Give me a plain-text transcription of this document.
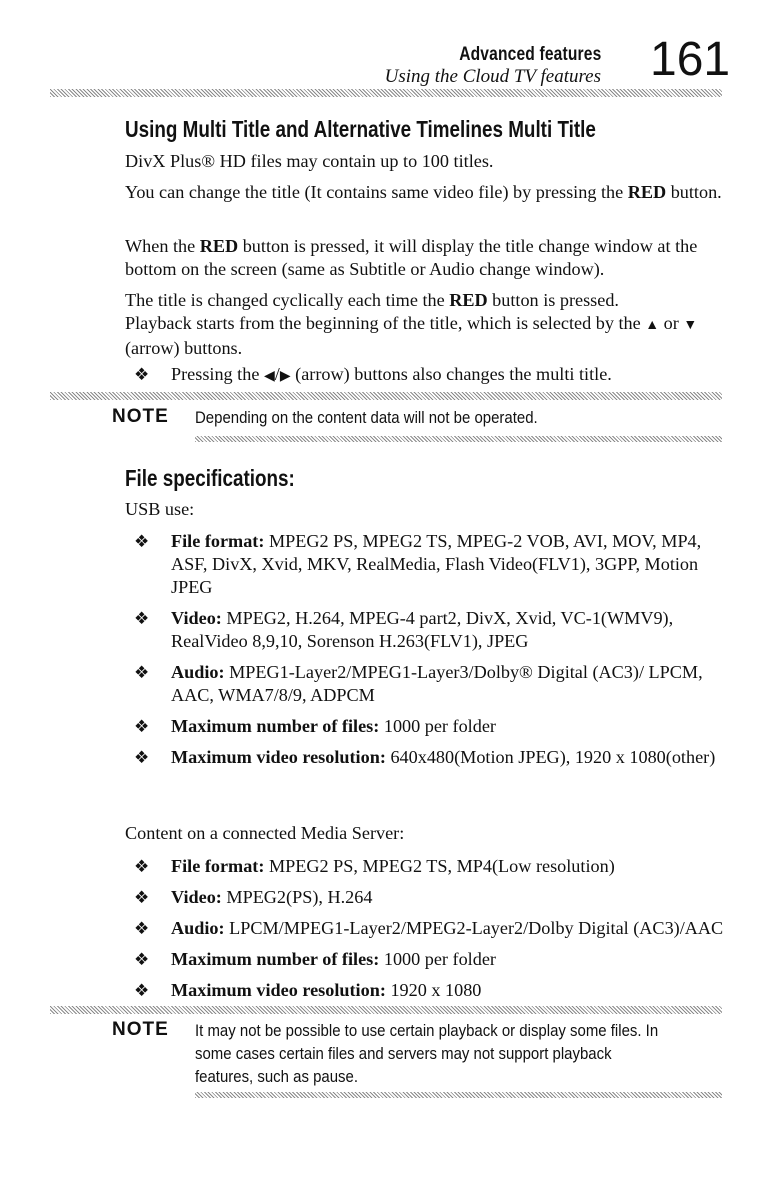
Advanced features
Using the Cloud TV features 161
Using Multi Title and Alternative Timelines Multi Title
DivX Plus® HD files may contain up to 100 titles.
You can change the title (It contains same video file) by pressing the RED button.
When the RED button is pressed, it will display the title change window at the bottom on the screen (same as Subtitle or Audio change window).
The title is changed cyclically each time the RED button is pressed.
Playback starts from the beginning of the title, which is selected by the ▲ or ▼ (arrow) buttons.
❖ Pressing the ◀/▶ (arrow) buttons also changes the multi title.
NOTE Depending on the content data will not be operated.
File specifications:
USB use:
❖ File format: MPEG2 PS, MPEG2 TS, MPEG-2 VOB, AVI, MOV, MP4, ASF, DivX, Xvid, MKV, RealMedia, Flash Video(FLV1), 3GPP, Motion JPEG
❖ Video: MPEG2, H.264, MPEG-4 part2, DivX, Xvid, VC-1(WMV9), RealVideo 8,9,10, Sorenson H.263(FLV1), JPEG
❖ Audio: MPEG1-Layer2/MPEG1-Layer3/Dolby® Digital (AC3)/ LPCM, AAC, WMA7/8/9, ADPCM
❖ Maximum number of files: 1000 per folder
❖ Maximum video resolution: 640x480(Motion JPEG), 1920 x 1080(other)
Content on a connected Media Server:
❖ File format: MPEG2 PS, MPEG2 TS, MP4(Low resolution)
❖ Video: MPEG2(PS), H.264
❖ Audio: LPCM/MPEG1-Layer2/MPEG2-Layer2/Dolby Digital (AC3)/AAC
❖ Maximum number of files: 1000 per folder
❖ Maximum video resolution: 1920 x 1080
NOTE It may not be possible to use certain playback or display some files. In some cases certain files and servers may not support playback features, such as pause.
